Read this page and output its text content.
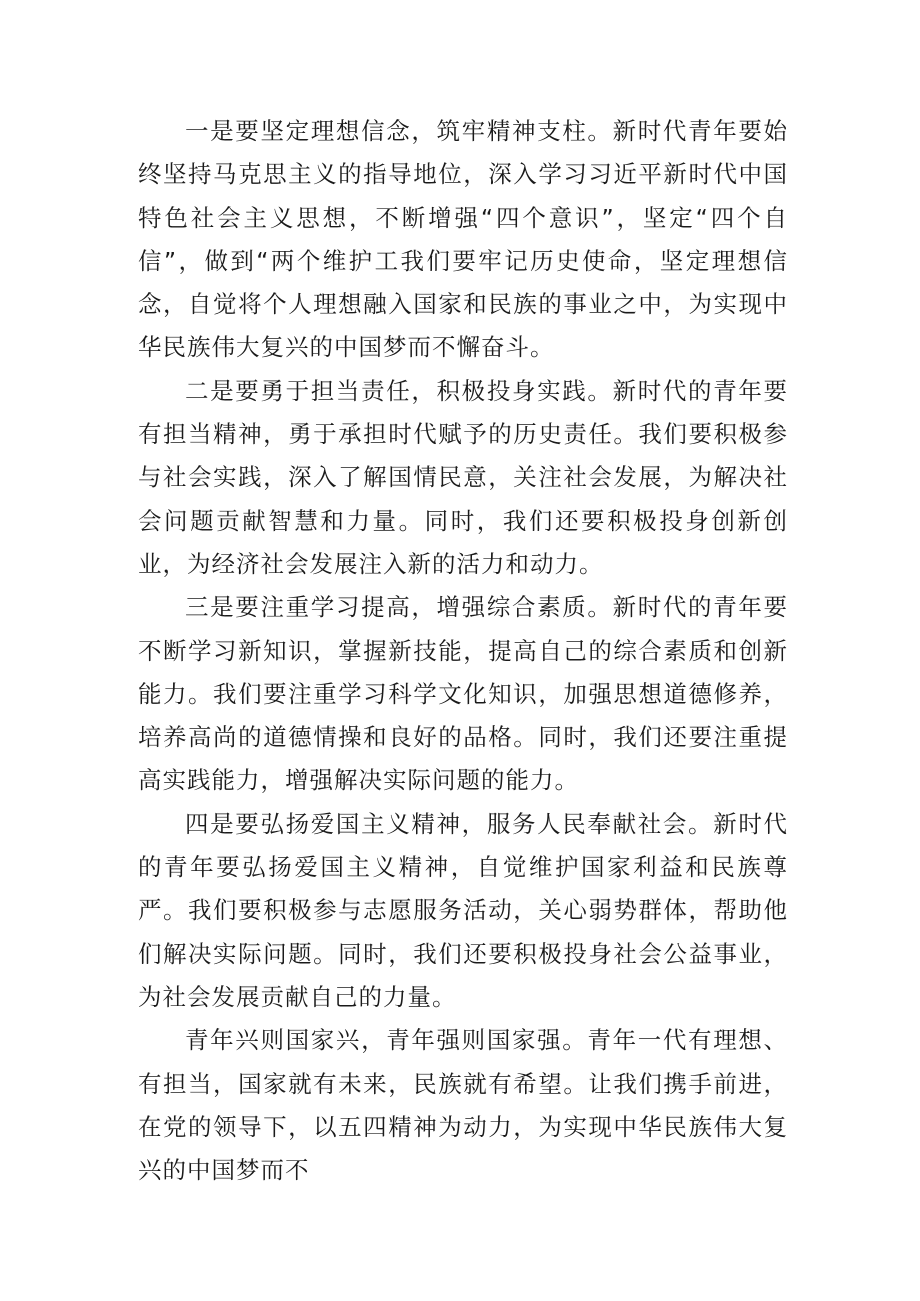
一是要坚定理想信念，筑牢精神支柱。新时代青年要始终坚持马克思主义的指导地位，深入学习习近平新时代中国特色社会主义思想，不断增强“四个意识”，坚定“四个自信”，做到“两个维护工我们要牢记历史使命，坚定理想信念，自觉将个人理想融入国家和民族的事业之中，为实现中华民族伟大复兴的中国梦而不懈奋斗。

二是要勇于担当责任，积极投身实践。新时代的青年要有担当精神，勇于承担时代赋予的历史责任。我们要积极参与社会实践，深入了解国情民意，关注社会发展，为解决社会问题贡献智慧和力量。同时，我们还要积极投身创新创业，为经济社会发展注入新的活力和动力。

三是要注重学习提高，增强综合素质。新时代的青年要不断学习新知识，掌握新技能，提高自己的综合素质和创新能力。我们要注重学习科学文化知识，加强思想道德修养，培养高尚的道德情操和良好的品格。同时，我们还要注重提高实践能力，增强解决实际问题的能力。

四是要弘扬爱国主义精神，服务人民奉献社会。新时代的青年要弘扬爱国主义精神，自觉维护国家利益和民族尊严。我们要积极参与志愿服务活动，关心弱势群体，帮助他们解决实际问题。同时，我们还要积极投身社会公益事业，为社会发展贡献自己的力量。

青年兴则国家兴，青年强则国家强。青年一代有理想、有担当，国家就有未来，民族就有希望。让我们携手前进，在党的领导下，以五四精神为动力，为实现中华民族伟大复兴的中国梦而不
